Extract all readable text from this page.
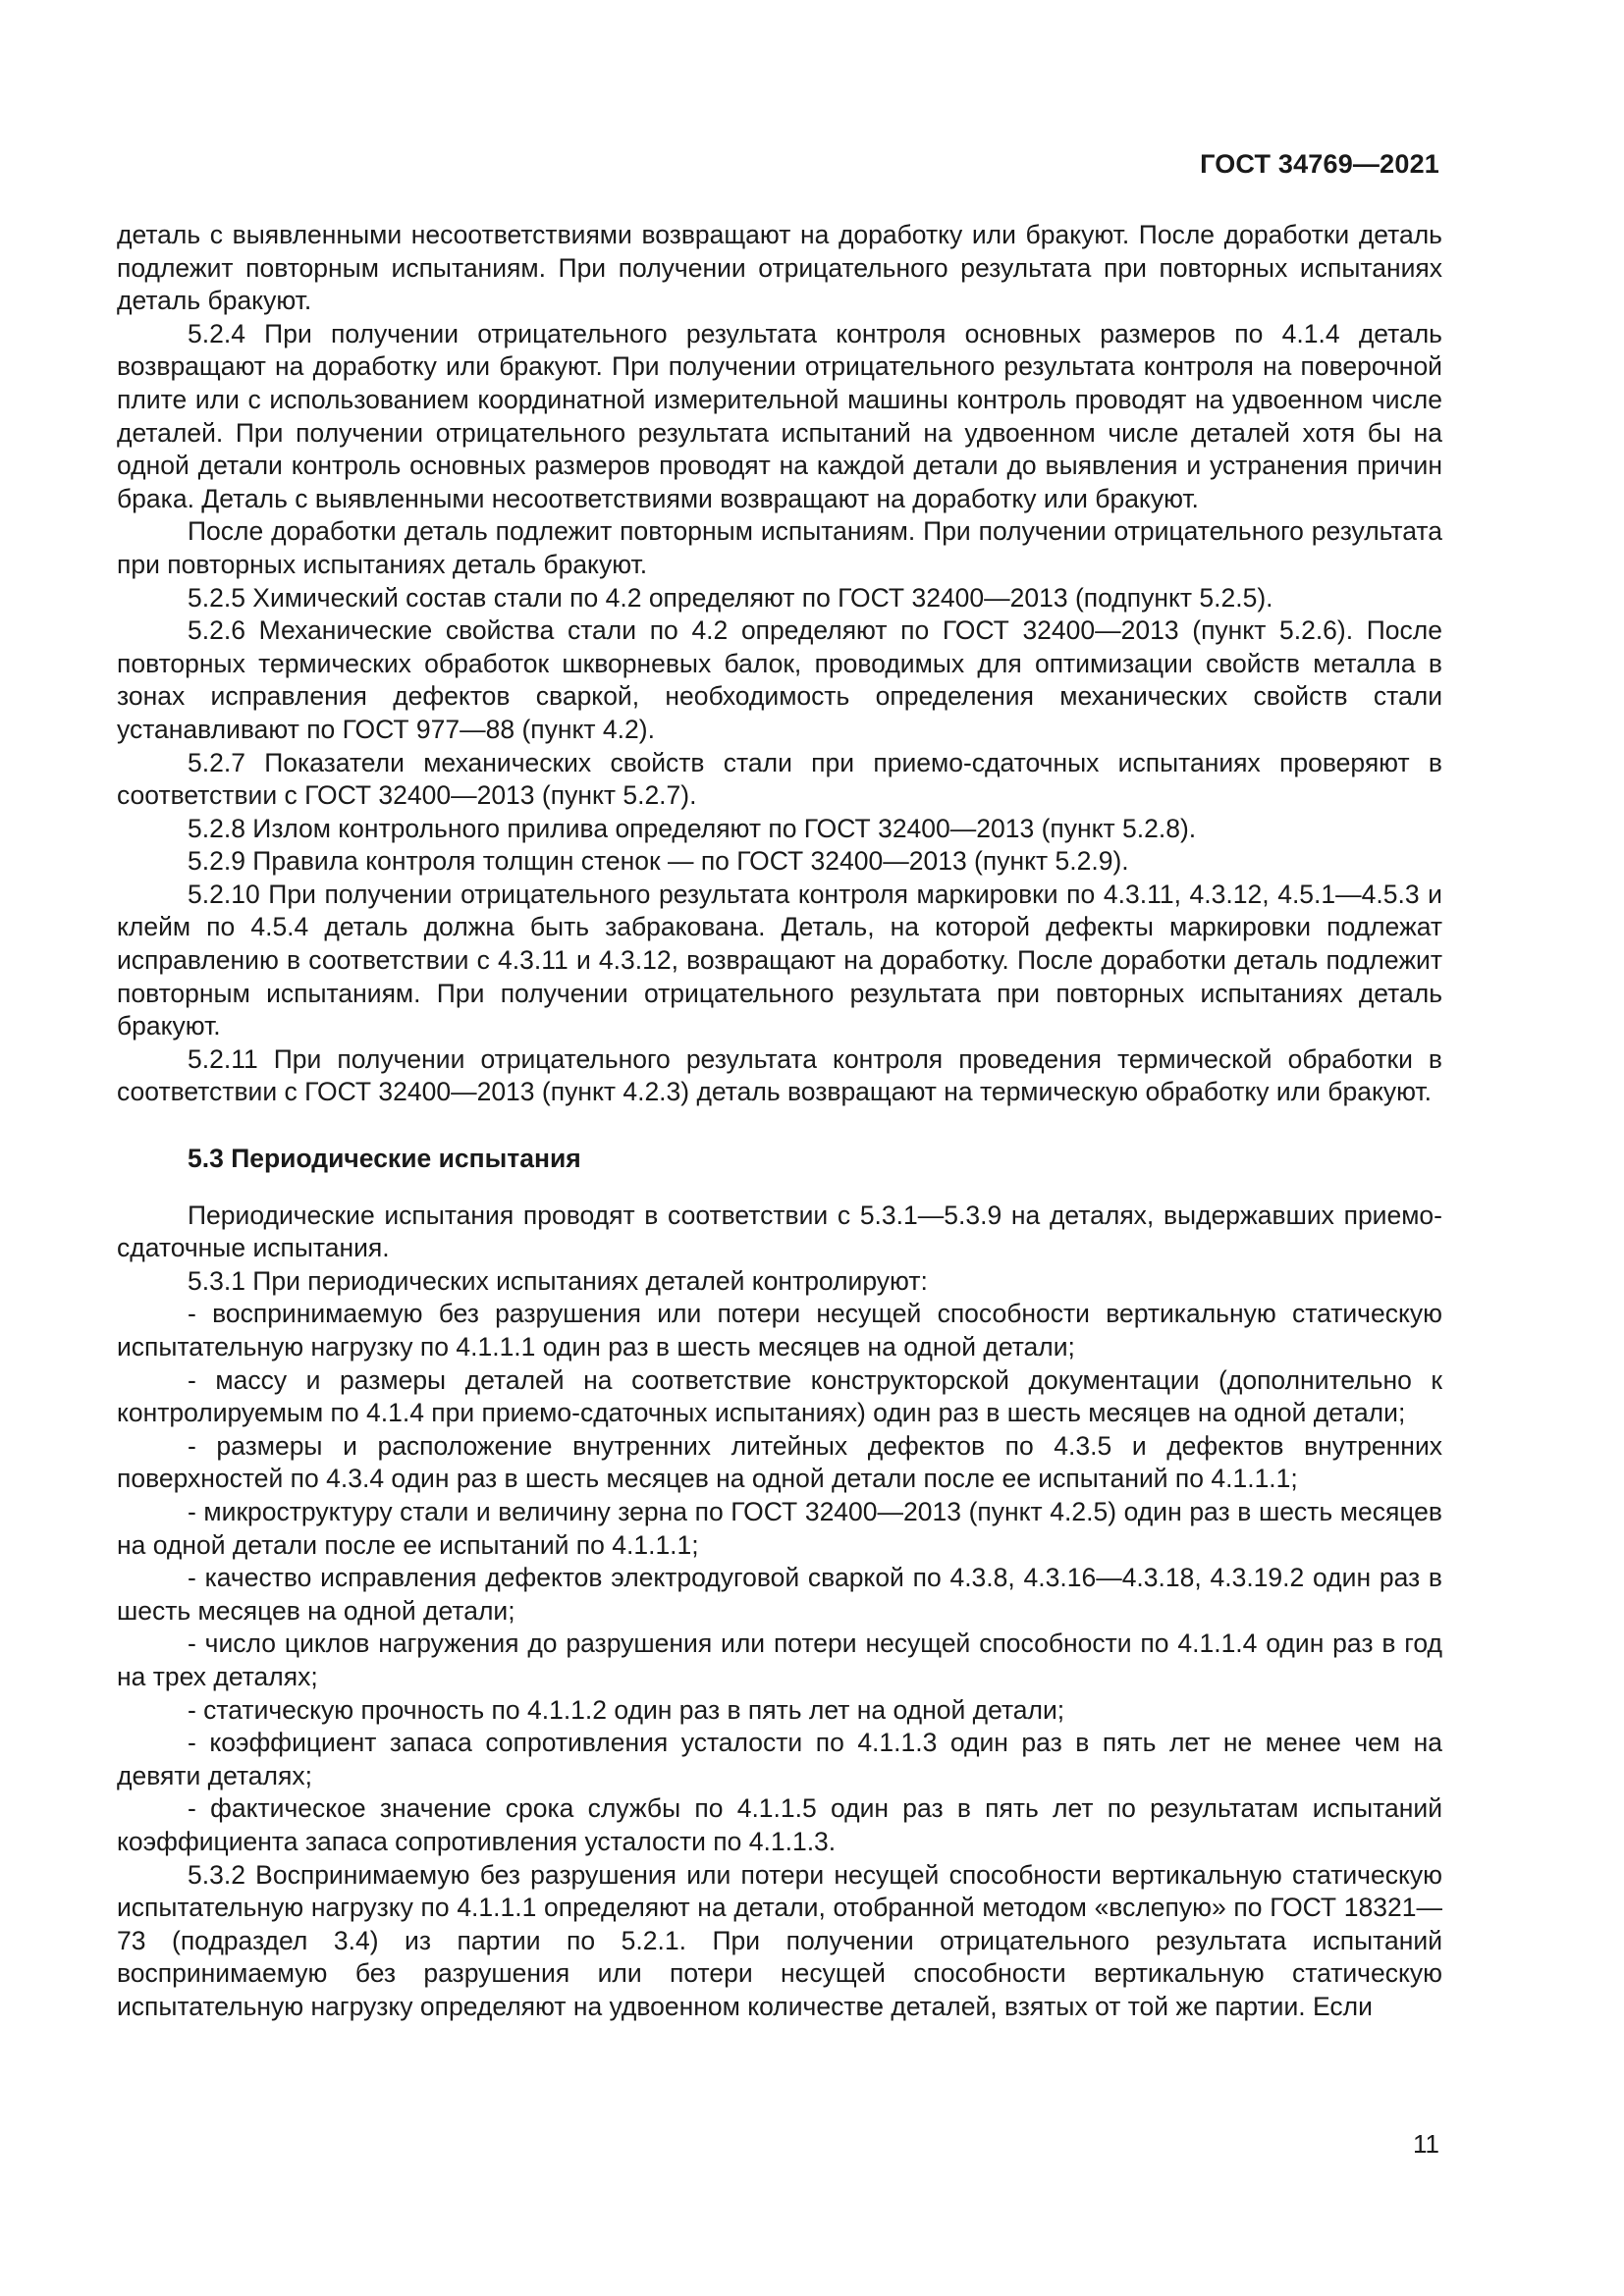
ГОСТ 34769—2021

деталь с выявленными несоответствиями возвращают на доработку или бракуют. После доработки деталь подлежит повторным испытаниям. При получении отрицательного результата при повторных испытаниях деталь бракуют.

5.2.4 При получении отрицательного результата контроля основных размеров по 4.1.4 деталь возвращают на доработку или бракуют. При получении отрицательного результата контроля на поверочной плите или с использованием координатной измерительной машины контроль проводят на удвоенном числе деталей. При получении отрицательного результата испытаний на удвоенном числе деталей хотя бы на одной детали контроль основных размеров проводят на каждой детали до выявления и устранения причин брака. Деталь с выявленными несоответствиями возвращают на доработку или бракуют.

После доработки деталь подлежит повторным испытаниям. При получении отрицательного результата при повторных испытаниях деталь бракуют.

5.2.5 Химический состав стали по 4.2 определяют по ГОСТ 32400—2013 (подпункт 5.2.5).

5.2.6 Механические свойства стали по 4.2 определяют по ГОСТ 32400—2013 (пункт 5.2.6). После повторных термических обработок шкворневых балок, проводимых для оптимизации свойств металла в зонах исправления дефектов сваркой, необходимость определения механических свойств стали устанавливают по ГОСТ 977—88 (пункт 4.2).

5.2.7 Показатели механических свойств стали при приемо-сдаточных испытаниях проверяют в соответствии с ГОСТ 32400—2013 (пункт 5.2.7).

5.2.8 Излом контрольного прилива определяют по ГОСТ 32400—2013 (пункт 5.2.8).

5.2.9 Правила контроля толщин стенок — по ГОСТ 32400—2013 (пункт 5.2.9).

5.2.10 При получении отрицательного результата контроля маркировки по 4.3.11, 4.3.12, 4.5.1—4.5.3 и клейм по 4.5.4 деталь должна быть забракована. Деталь, на которой дефекты маркировки подлежат исправлению в соответствии с 4.3.11 и 4.3.12, возвращают на доработку. После доработки деталь подлежит повторным испытаниям. При получении отрицательного результата при повторных испытаниях деталь бракуют.

5.2.11 При получении отрицательного результата контроля проведения термической обработки в соответствии с ГОСТ 32400—2013 (пункт 4.2.3) деталь возвращают на термическую обработку или бракуют.

5.3 Периодические испытания

Периодические испытания проводят в соответствии с 5.3.1—5.3.9 на деталях, выдержавших приемо-сдаточные испытания.

5.3.1 При периодических испытаниях деталей контролируют:

- воспринимаемую без разрушения или потери несущей способности вертикальную статическую испытательную нагрузку по 4.1.1.1 один раз в шесть месяцев на одной детали;

- массу и размеры деталей на соответствие конструкторской документации (дополнительно к контролируемым по 4.1.4 при приемо-сдаточных испытаниях) один раз в шесть месяцев на одной детали;

- размеры и расположение внутренних литейных дефектов по 4.3.5 и дефектов внутренних поверхностей по 4.3.4 один раз в шесть месяцев на одной детали после ее испытаний по 4.1.1.1;

- микроструктуру стали и величину зерна по ГОСТ 32400—2013 (пункт 4.2.5) один раз в шесть месяцев на одной детали после ее испытаний по 4.1.1.1;

- качество исправления дефектов электродуговой сваркой по 4.3.8, 4.3.16—4.3.18, 4.3.19.2 один раз в шесть месяцев на одной детали;

- число циклов нагружения до разрушения или потери несущей способности по 4.1.1.4 один раз в год на трех деталях;

- статическую прочность по 4.1.1.2 один раз в пять лет на одной детали;

- коэффициент запаса сопротивления усталости по 4.1.1.3 один раз в пять лет не менее чем на девяти деталях;

- фактическое значение срока службы по 4.1.1.5 один раз в пять лет по результатам испытаний коэффициента запаса сопротивления усталости по 4.1.1.3.

5.3.2 Воспринимаемую без разрушения или потери несущей способности вертикальную статическую испытательную нагрузку по 4.1.1.1 определяют на детали, отобранной методом «вслепую» по ГОСТ 18321—73 (подраздел 3.4) из партии по 5.2.1. При получении отрицательного результата испытаний воспринимаемую без разрушения или потери несущей способности вертикальную статическую испытательную нагрузку определяют на удвоенном количестве деталей, взятых от той же партии. Если

11
